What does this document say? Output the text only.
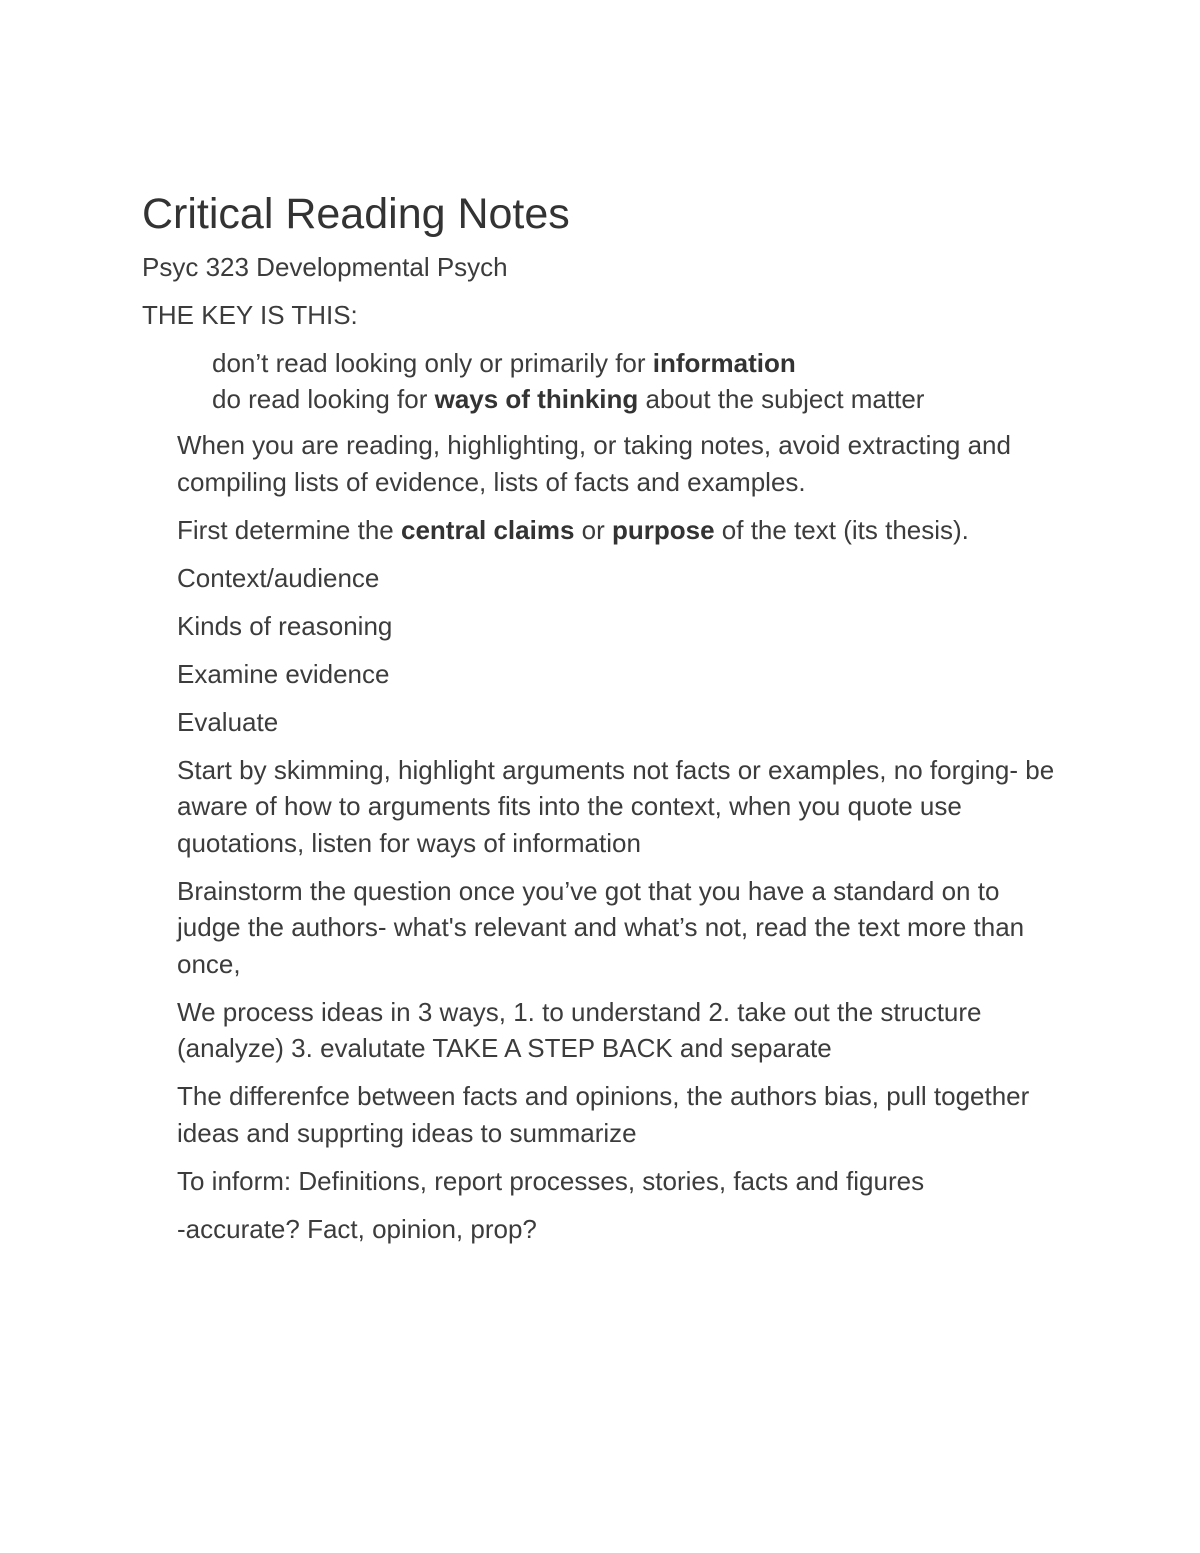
Critical Reading Notes

Psyc 323 Developmental Psych

THE KEY IS THIS:

don’t read looking only or primarily for information

do read looking for ways of thinking about the subject matter

When you are reading, highlighting, or taking notes, avoid extracting and compiling lists of evidence, lists of facts and examples.

First determine the central claims or purpose of the text (its thesis).

Context/audience

Kinds of reasoning

Examine evidence

Evaluate

Start by skimming, highlight arguments not facts or examples, no forging- be aware of how to arguments fits into the context, when you quote use quotations, listen for ways of information

Brainstorm the question once you’ve got that you have a standard on to judge the authors- what's relevant and what’s not, read the text more than once,

We process ideas in 3 ways, 1. to understand 2. take out the structure (analyze) 3. evalutate TAKE A STEP BACK and separate

The differenfce between facts and opinions, the authors bias, pull together ideas and supprting ideas to summarize

To inform: Definitions, report processes, stories, facts and figures

-accurate? Fact, opinion, prop?
